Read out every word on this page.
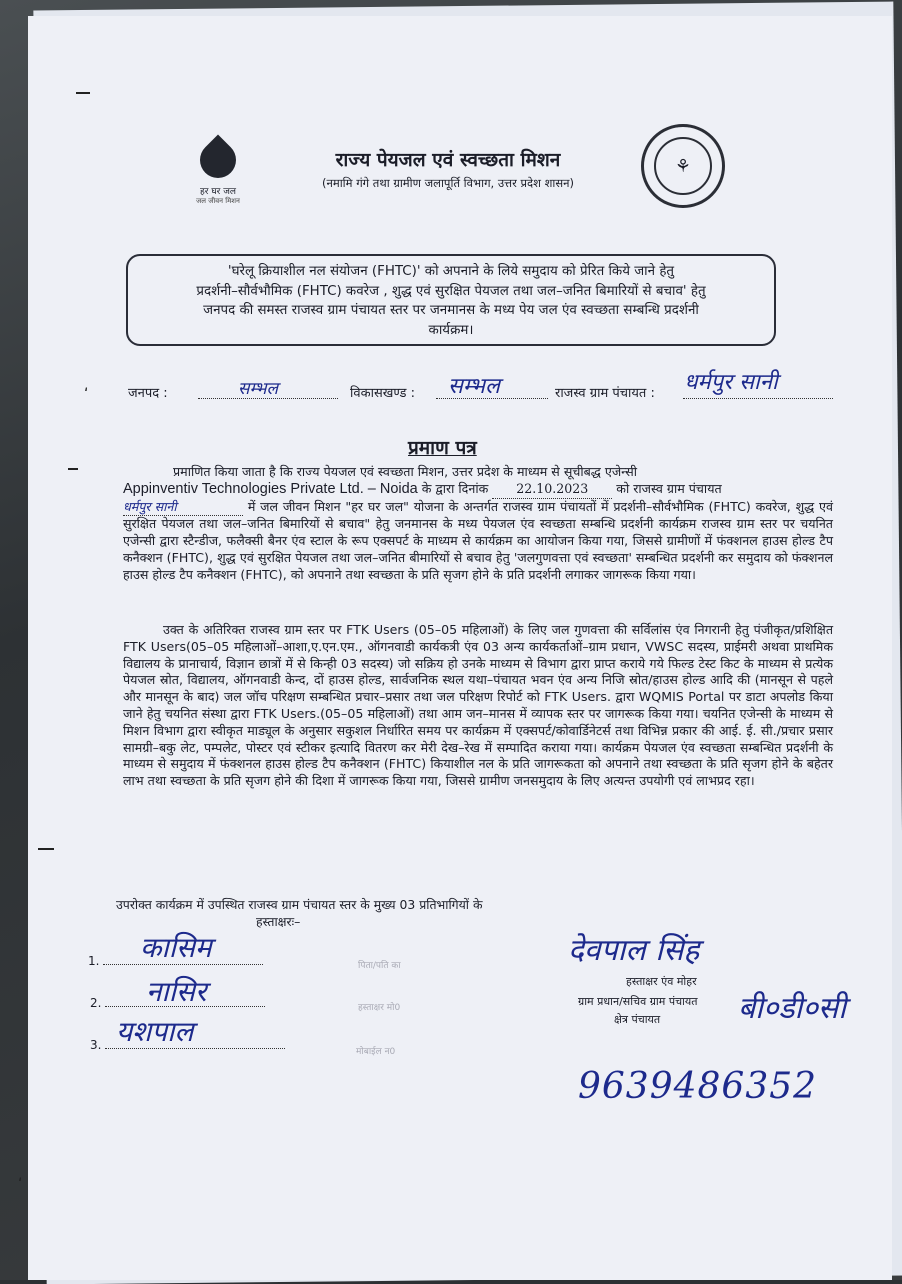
͵
हर घर जल
जल जीवन मिशन
राज्य पेयजल एवं स्वच्छता मिशन
(नमामि गंगे तथा ग्रामीण जलापूर्ति विभाग, उत्तर प्रदेश शासन)
⚘
'घरेलू क्रियाशील नल संयोजन (FHTC)' को अपनाने के लिये समुदाय को प्रेरित किये जाने हेतु
प्रदर्शनी–सौर्वभौमिक (FHTC) कवरेज , शुद्ध एवं सुरक्षित पेयजल तथा जल–जनित बिमारियों से बचाव' हेतु
जनपद की समस्त राजस्व ग्राम पंचायत स्तर पर जनमानस के मध्य पेय जल एंव स्वच्छता सम्बन्धि प्रदर्शनी
कार्यक्रम।
जनपद :	सम्भल	विकासखण्ड : सम्भल	राजस्व ग्राम पंचायत : धर्मपुर सानी
प्रमाण पत्र
प्रमाणित किया जाता है कि राज्य पेयजल एवं स्वच्छता मिशन, उत्तर प्रदेश के माध्यम से सूचीबद्ध एजेन्सी
Appinventiv Technologies Private Ltd. – Noida के द्वारा दिनांक 22.10.2023 को राजस्व ग्राम पंचायत
धर्मपुर सानी	में जल जीवन मिशन "हर घर जल" योजना के अन्तर्गत राजस्व ग्राम पंचायतों में प्रदर्शनी–सौर्वभौमिक (FHTC) कवरेज, शुद्ध एवं सुरक्षित पेयजल तथा जल–जनित बिमारियों से बचाव" हेतु जनमानस के मध्य पेयजल एंव स्वच्छता सम्बन्धि प्रदर्शनी कार्यक्रम राजस्व ग्राम स्तर पर चयनित एजेन्सी द्वारा स्टैन्डीज, फलैक्सी बैनर एंव स्टाल के रूप एक्सपर्ट के माध्यम से कार्यक्रम का आयोजन किया गया, जिससे ग्रामीणों में फंक्शनल हाउस होल्ड टैप कनैक्शन (FHTC), शुद्ध एवं सुरक्षित पेयजल तथा जल–जनित बीमारियों से बचाव हेतु 'जलगुणवत्ता एवं स्वच्छता' सम्बन्धित प्रदर्शनी कर समुदाय को फंक्शनल हाउस होल्ड टैप कनैक्शन (FHTC), को अपनाने तथा स्वच्छता के प्रति सृजग होने के प्रति प्रदर्शनी लगाकर जागरूक किया गया।
उक्त के अतिरिक्त राजस्व ग्राम स्तर पर FTK Users (05–05 महिलाओं) के लिए जल गुणवत्ता की सर्विलांस एंव निगरानी हेतु पंजीकृत/प्रशिक्षित FTK Users(05–05 महिलाओं–आशा,ए.एन.एम., ऑगनवाडी कार्यकत्री एंव 03 अन्य कार्यकर्ताओं–ग्राम प्रधान, VWSC सदस्य, प्राईमरी अथवा प्राथमिक विद्यालय के प्रानाचार्य, विज्ञान छात्रों में से किन्ही 03 सदस्य) जो सक्रिय हो उनके माध्यम से विभाग द्वारा प्राप्त कराये गये फिल्ड टेस्ट किट के माध्यम से प्रत्येक पेयजल स्रोत, विद्यालय, ऑगनवाडी केन्द, दों हाउस होल्ड, सार्वजनिक स्थल यथा–पंचायत भवन एंव अन्य निजि स्रोत/हाउस होल्ड आदि की (मानसून से पहले और मानसून के बाद) जल जॉच परिक्षण सम्बन्धित प्रचार–प्रसार तथा जल परिक्षण रिपोर्ट को FTK Users. द्वारा WQMIS Portal पर डाटा अपलोड किया जाने हेतु चयनित संस्था द्वारा FTK Users.(05–05 महिलाओं) तथा आम जन–मानस में व्यापक स्तर पर जागरूक किया गया। चयनित एजेन्सी के माध्यम से मिशन विभाग द्वारा स्वीकृत माड्यूल के अनुसार सकुशल निर्धारित समय पर कार्यक्रम में एक्सपर्ट/कोवार्डिनेटर्स तथा विभिन्न प्रकार की आई. ई. सी./प्रचार प्रसार सामग्री–बकु लेट, पम्पलेट, पोस्टर एवं स्टीकर इत्यादि वितरण कर मेरी देख–रेख में सम्पादित कराया गया। कार्यक्रम पेयजल एंव स्वच्छता सम्बन्धित प्रदर्शनी के माध्यम से समुदाय में फंक्शनल हाउस होल्ड टैप कनैक्शन (FHTC) कियाशील नल के प्रति जागरूकता को अपनाने तथा स्वच्छता के प्रति सृजग होने के बहेतर लाभ तथा स्वच्छता के प्रति सृजग होने की दिशा में जागरूक किया गया, जिससे ग्रामीण जनसमुदाय के लिए अत्यन्त उपयोगी एवं लाभप्रद रहा।
उपरोक्त कार्यक्रम में उपस्थित राजस्व ग्राम पंचायत स्तर के मुख्य 03 प्रतिभागियों के
हस्ताक्षरः–
1.	कासिम
पिता/पति का
2.	नासिर	हस्ताक्षर मो0
3. यशपाल
मोबाईल न0
देवपाल सिंह
हस्ताक्षर एंव मोहर
ग्राम प्रधान/सचिव ग्राम पंचायत
क्षेत्र पंचायत	बी०डी०सी
9639486352
͵
